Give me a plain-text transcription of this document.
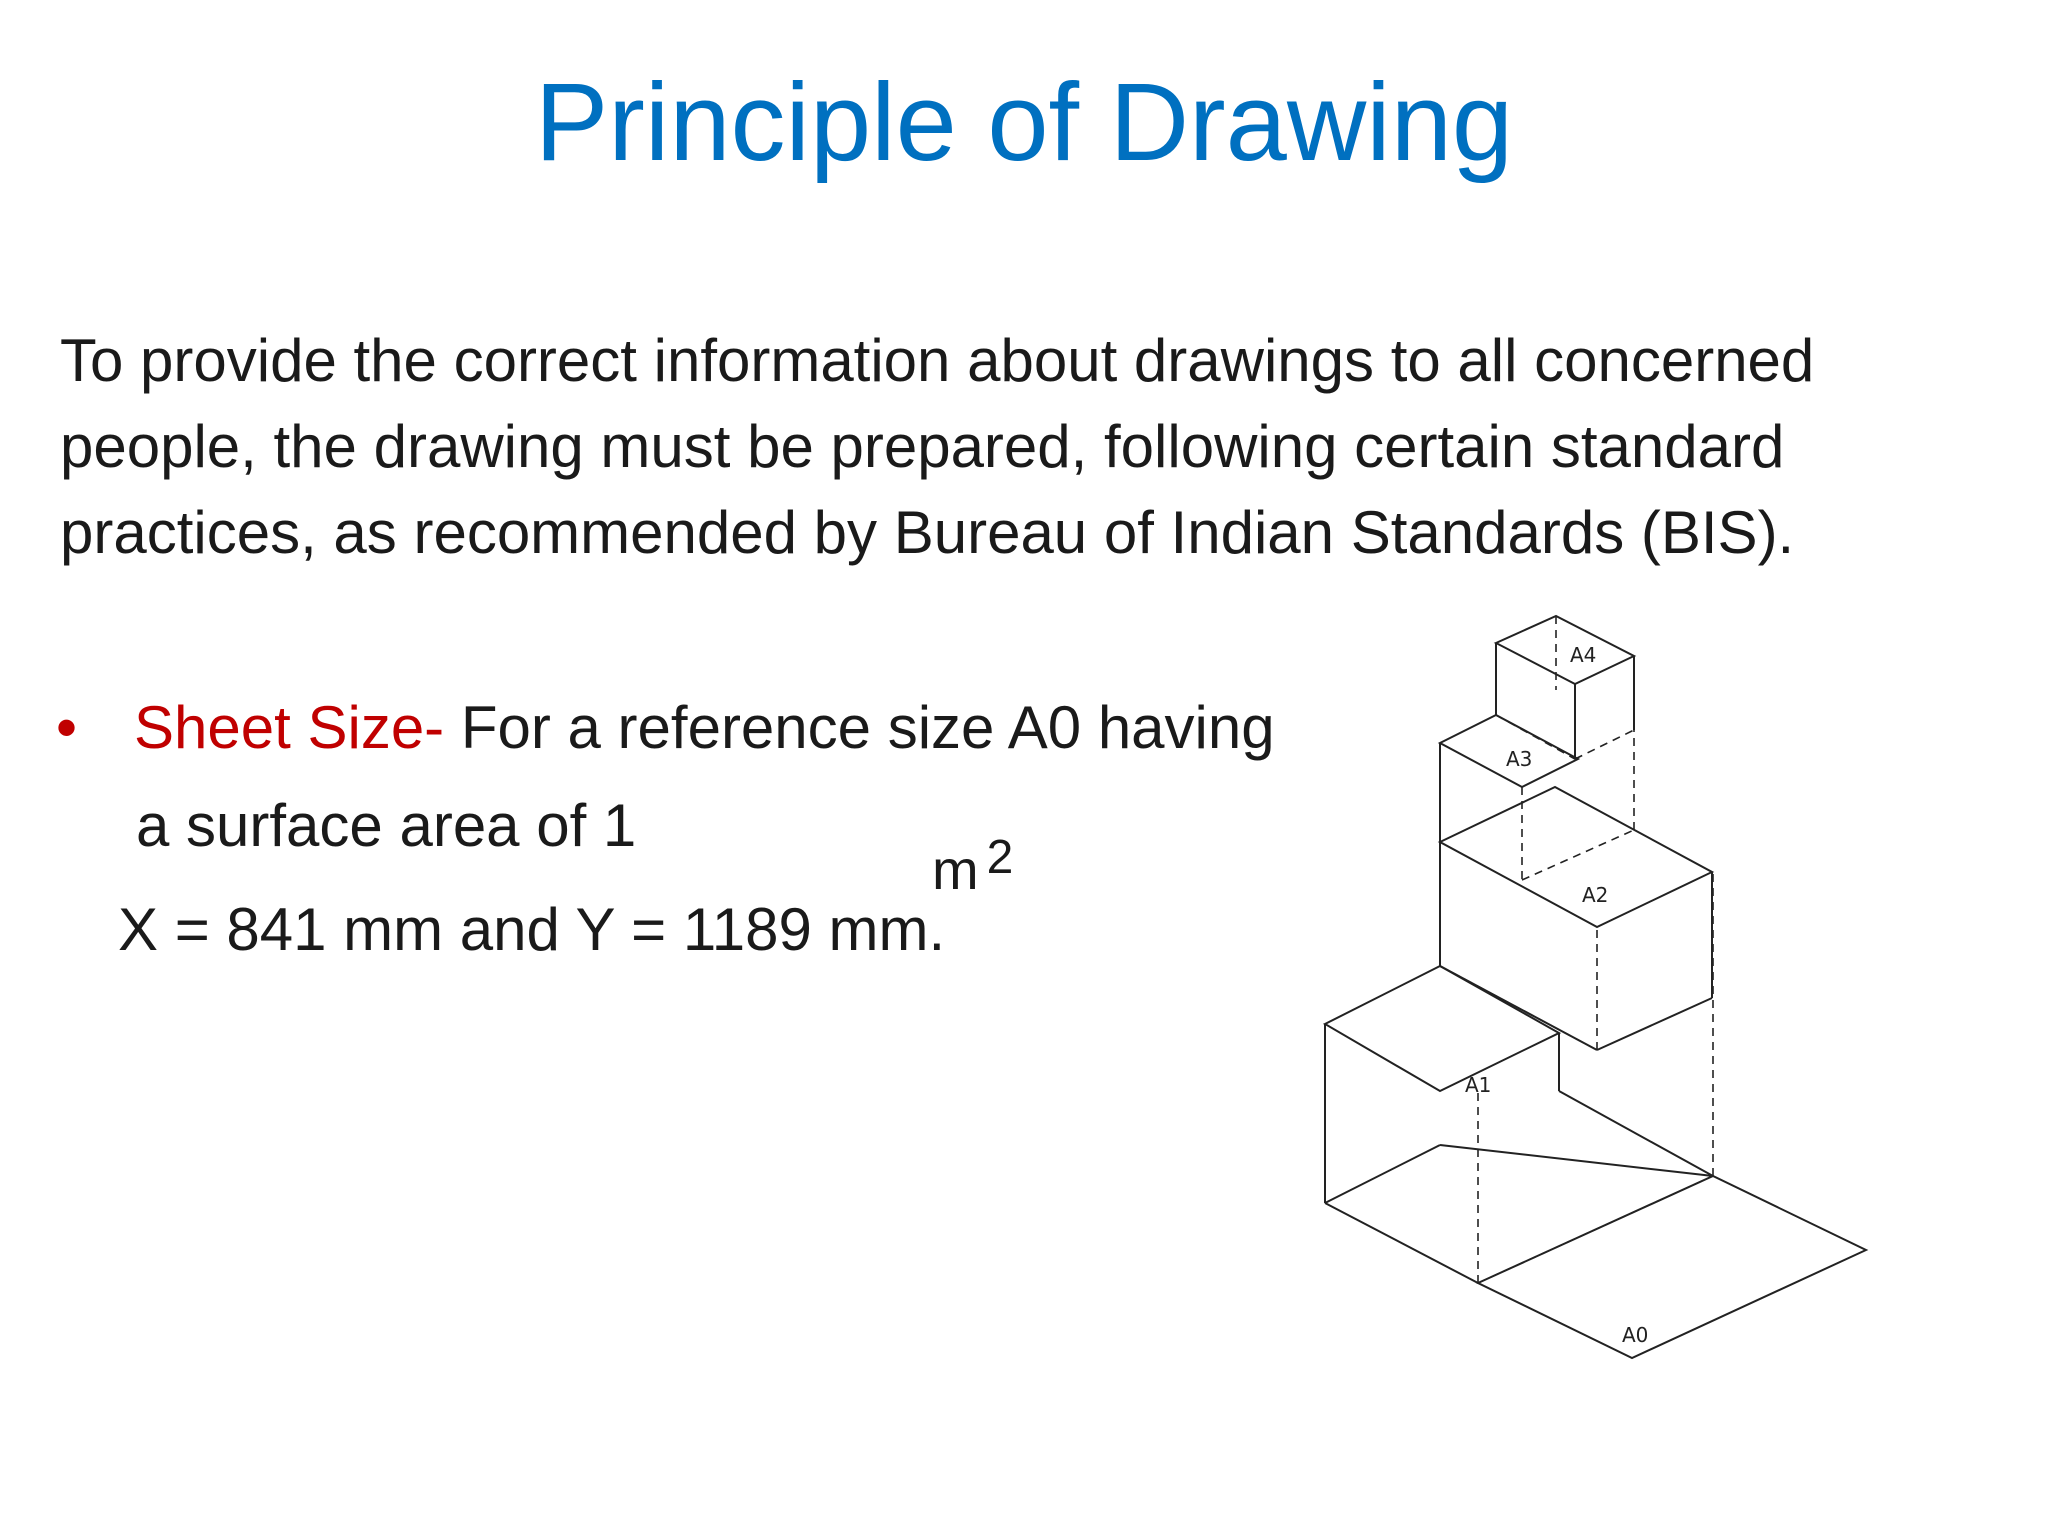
Principle of Drawing

To provide the correct information about drawings to all concerned

people, the drawing must be prepared, following certain standard

practices, as recommended by Bureau of Indian Standards (BIS).

• Sheet Size- For a reference size A0 having
a surface area of 1
X = 841 mm and Y = 1189 mm.
m $^2$
A4
A3
A2
A1
A0
